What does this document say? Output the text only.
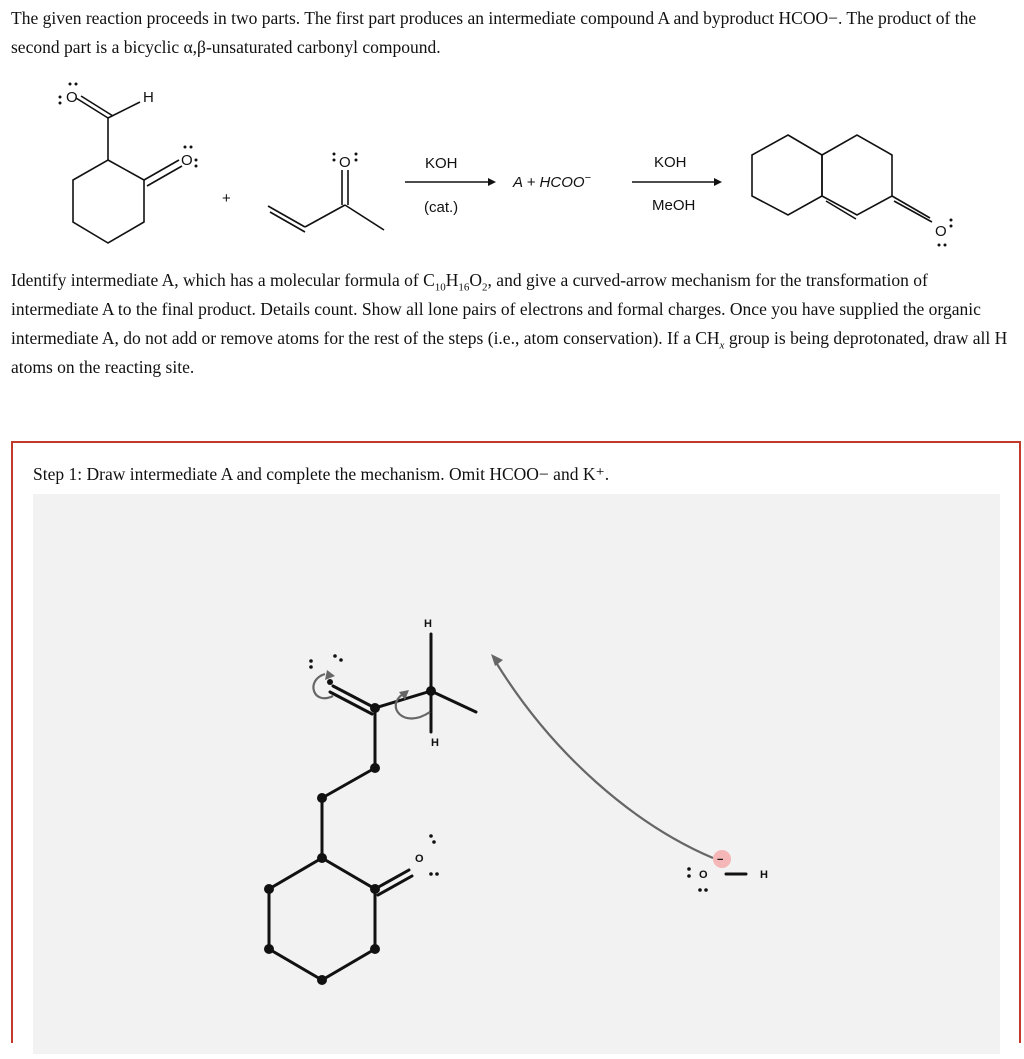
The given reaction proceeds in two parts. The first part produces an intermediate compound A and byproduct HCOO−. The product of the second part is a bicyclic α,β-unsaturated carbonyl compound.

O	H
O	O
O
+
KOH
(cat.)
A + HCOO−
KOH
MeOH

Identify intermediate A, which has a molecular formula of $C_{10}H_{16}O_2$, and give a curved-arrow mechanism for the transformation of intermediate A to the final product. Details count. Show all lone pairs of electrons and formal charges. Once you have supplied the organic intermediate A, do not add or remove atoms for the rest of the steps (i.e., atom conservation). If a $CH_x$ group is being deprotonated, draw all H atoms on the reacting site.

Step 1: Draw intermediate A and complete the mechanism. Omit HCOO− and K⁺.
H
H
O
O	H
−
